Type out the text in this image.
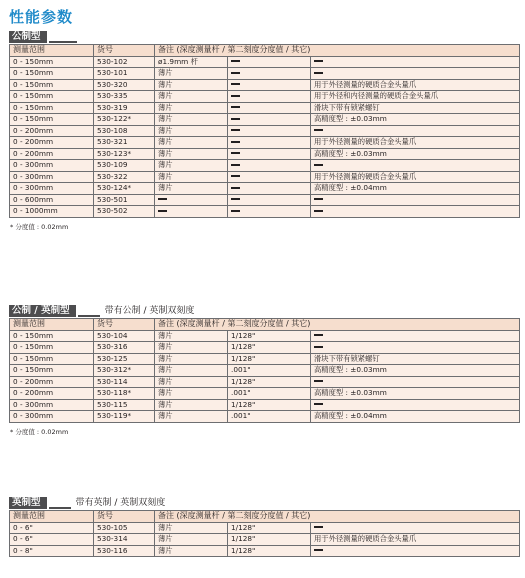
性能参数
公制型
测量范围	货号	备注 (深度测量杆 / 第二刻度分度值 / 其它)		
0 - 150mm	530-102	ø1.9mm 杆		
0 - 150mm	530-101	薄片		
0 - 150mm	530-320	薄片		用于外径测量的硬质合金头量爪
0 - 150mm	530-335	薄片		用于外径和内径测量的硬质合金头量爪
0 - 150mm	530-319	薄片		滑块下带有锁紧螺钉
0 - 150mm	530-122*	薄片		高精度型 : ±0.03mm
0 - 200mm	530-108	薄片		
0 - 200mm	530-321	薄片		用于外径测量的硬质合金头量爪
0 - 200mm	530-123*	薄片		高精度型 : ±0.03mm
0 - 300mm	530-109	薄片		
0 - 300mm	530-322	薄片		用于外径测量的硬质合金头量爪
0 - 300mm	530-124*	薄片		高精度型 : ±0.04mm
0 - 600mm	530-501			
0 - 1000mm	530-502			
* 分度值 : 0.02mm
公制 / 英制型	带有公制 / 英制双刻度
测量范围	货号	备注 (深度测量杆 / 第二刻度分度值 / 其它)		
0 - 150mm	530-104	薄片	1/128"	
0 - 150mm	530-316	薄片	1/128"	
0 - 150mm	530-125	薄片	1/128"	滑块下带有锁紧螺钉
0 - 150mm	530-312*	薄片	.001"	高精度型 : ±0.03mm
0 - 200mm	530-114	薄片	1/128"	
0 - 200mm	530-118*	薄片	.001"	高精度型 : ±0.03mm
0 - 300mm	530-115	薄片	1/128"	
0 - 300mm	530-119*	薄片	.001"	高精度型 : ±0.04mm
* 分度值 : 0.02mm
英制型	带有英制 / 英制双刻度
测量范围	货号	备注 (深度测量杆 / 第二刻度分度值 / 其它)		
0 - 6"	530-105	薄片	1/128"	
0 - 6"	530-314	薄片	1/128"	用于外径测量的硬质合金头量爪
0 - 8"	530-116	薄片	1/128"	
